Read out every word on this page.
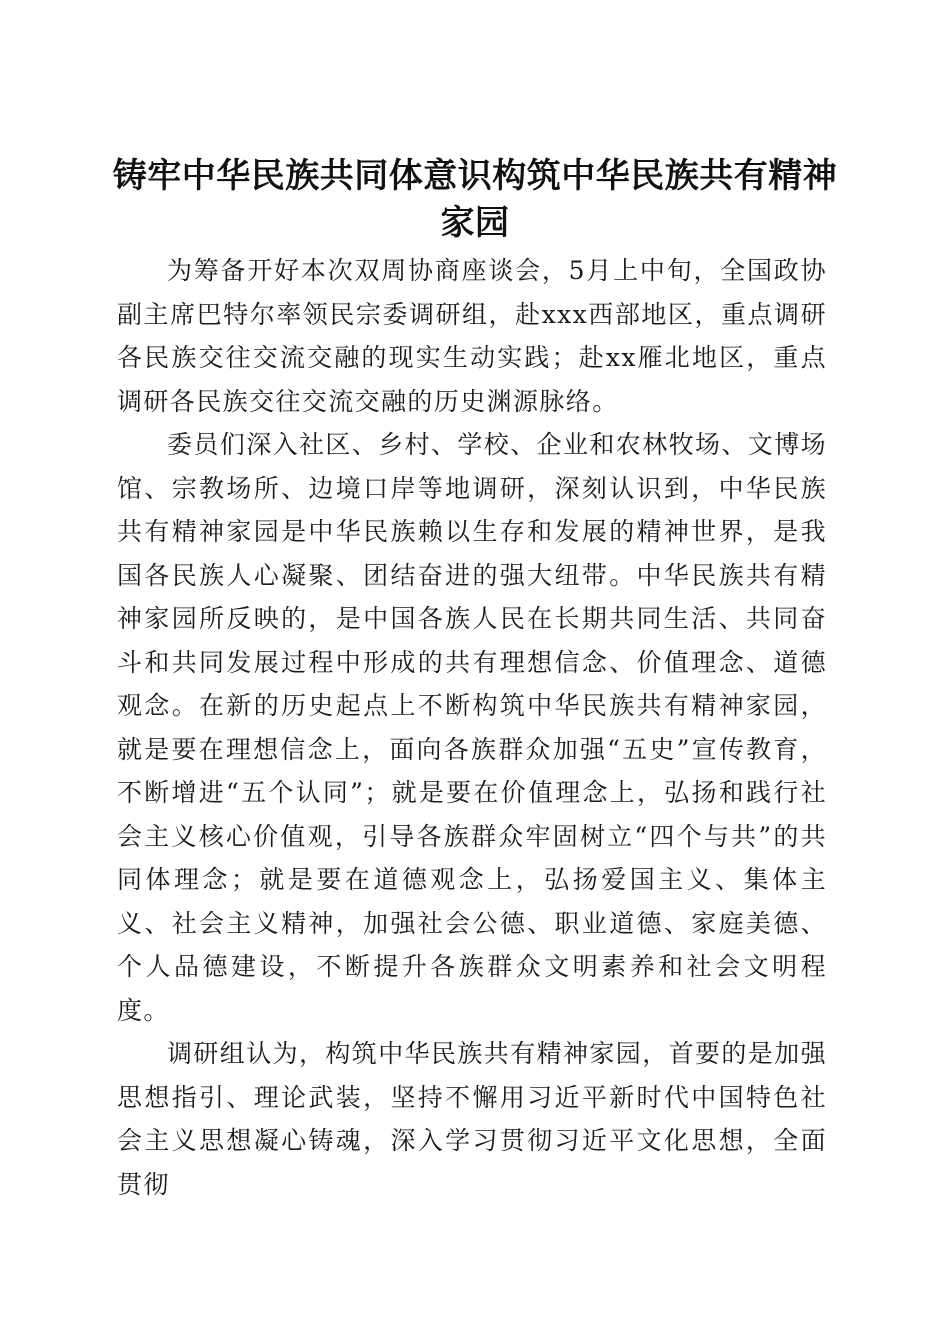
铸牢中华民族共同体意识构筑中华民族共有精神家园

为筹备开好本次双周协商座谈会，5月上中旬，全国政协副主席巴特尔率领民宗委调研组，赴xxx西部地区，重点调研各民族交往交流交融的现实生动实践；赴xx雁北地区，重点调研各民族交往交流交融的历史渊源脉络。

委员们深入社区、乡村、学校、企业和农林牧场、文博场馆、宗教场所、边境口岸等地调研，深刻认识到，中华民族共有精神家园是中华民族赖以生存和发展的精神世界，是我国各民族人心凝聚、团结奋进的强大纽带。中华民族共有精神家园所反映的，是中国各族人民在长期共同生活、共同奋斗和共同发展过程中形成的共有理想信念、价值理念、道德观念。在新的历史起点上不断构筑中华民族共有精神家园，就是要在理想信念上，面向各族群众加强“五史”宣传教育，不断增进“五个认同”；就是要在价值理念上，弘扬和践行社会主义核心价值观，引导各族群众牢固树立“四个与共”的共同体理念；就是要在道德观念上，弘扬爱国主义、集体主义、社会主义精神，加强社会公德、职业道德、家庭美德、个人品德建设，不断提升各族群众文明素养和社会文明程度。

调研组认为，构筑中华民族共有精神家园，首要的是加强思想指引、理论武装，坚持不懈用习近平新时代中国特色社会主义思想凝心铸魂，深入学习贯彻习近平文化思想，全面贯彻
